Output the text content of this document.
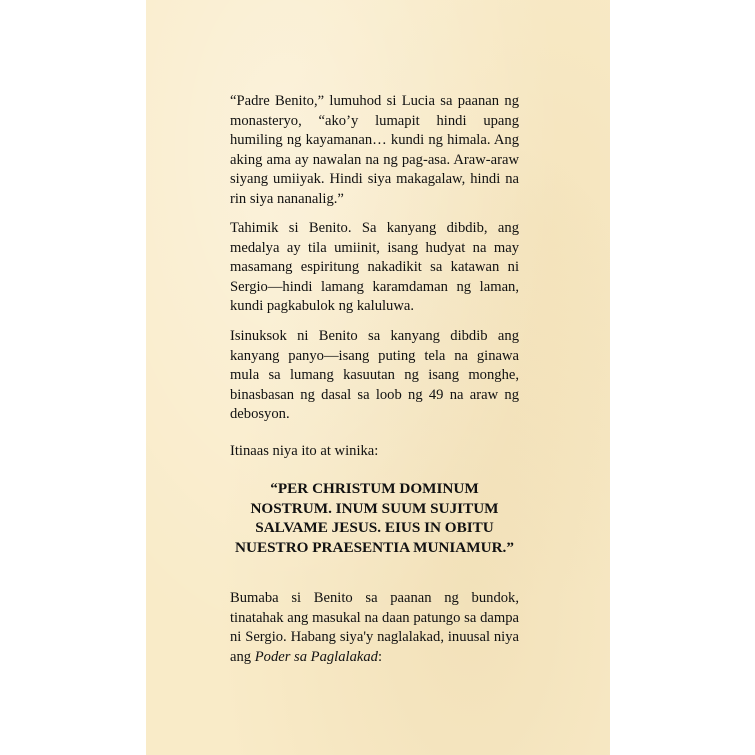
“Padre Benito,” lumuhod si Lucia sa paanan ng monasteryo, “ako’y lumapit hindi upang humiling ng kayamanan… kundi ng himala. Ang aking ama ay nawalan na ng pag-asa. Araw-araw siyang umiiyak. Hindi siya makagalaw, hindi na rin siya nananalig.”

Tahimik si Benito. Sa kanyang dibdib, ang medalya ay tila umiinit, isang hudyat na may masamang espiritung nakadikit sa katawan ni Sergio—hindi lamang karamdaman ng laman, kundi pagkabulok ng kaluluwa.

Isinuksok ni Benito sa kanyang dibdib ang kanyang panyo—isang puting tela na ginawa mula sa lumang kasuutan ng isang monghe, binasbasan ng dasal sa loob ng 49 na araw ng debosyon.

Itinaas niya ito at winika:

“PER CHRISTUM DOMINUM NOSTRUM. INUM SUUM SUJITUM SALVAME JESUS. EIUS IN OBITU NUESTRO PRAESENTIA MUNIAMUR.”

Bumaba si Benito sa paanan ng bundok, tinatahak ang masukal na daan patungo sa dampa ni Sergio. Habang siya'y naglalakad, inuusal niya ang Poder sa Paglalakad:
